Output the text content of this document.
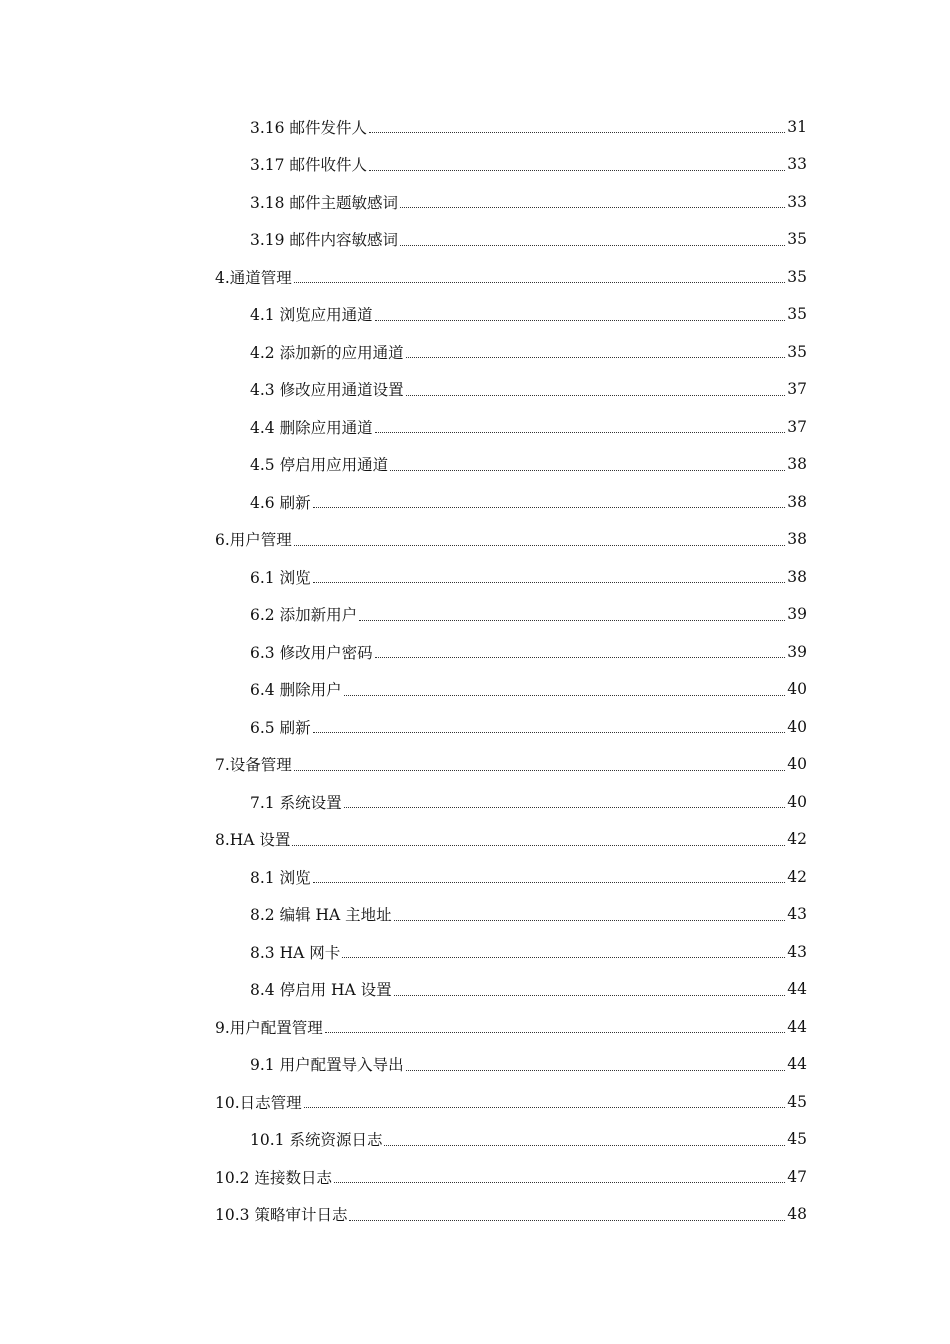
3.16 邮件发件人	31
3.17 邮件收件人	33
3.18 邮件主题敏感词	33
3.19 邮件内容敏感词	35
4.通道管理	35
4.1 浏览应用通道	35
4.2 添加新的应用通道	35
4.3 修改应用通道设置	37
4.4 删除应用通道	37
4.5 停启用应用通道	38
4.6 刷新	38
6.用户管理	38
6.1 浏览	38
6.2 添加新用户	39
6.3 修改用户密码	39
6.4 删除用户	40
6.5 刷新	40
7.设备管理	40
7.1 系统设置	40
8.HA 设置	42
8.1 浏览	42
8.2 编辑 HA 主地址	43
8.3 HA 网卡	43
8.4 停启用 HA 设置	44
9.用户配置管理	44
9.1 用户配置导入导出	44
10.日志管理	45
10.1 系统资源日志	45
10.2 连接数日志	47
10.3 策略审计日志	48
